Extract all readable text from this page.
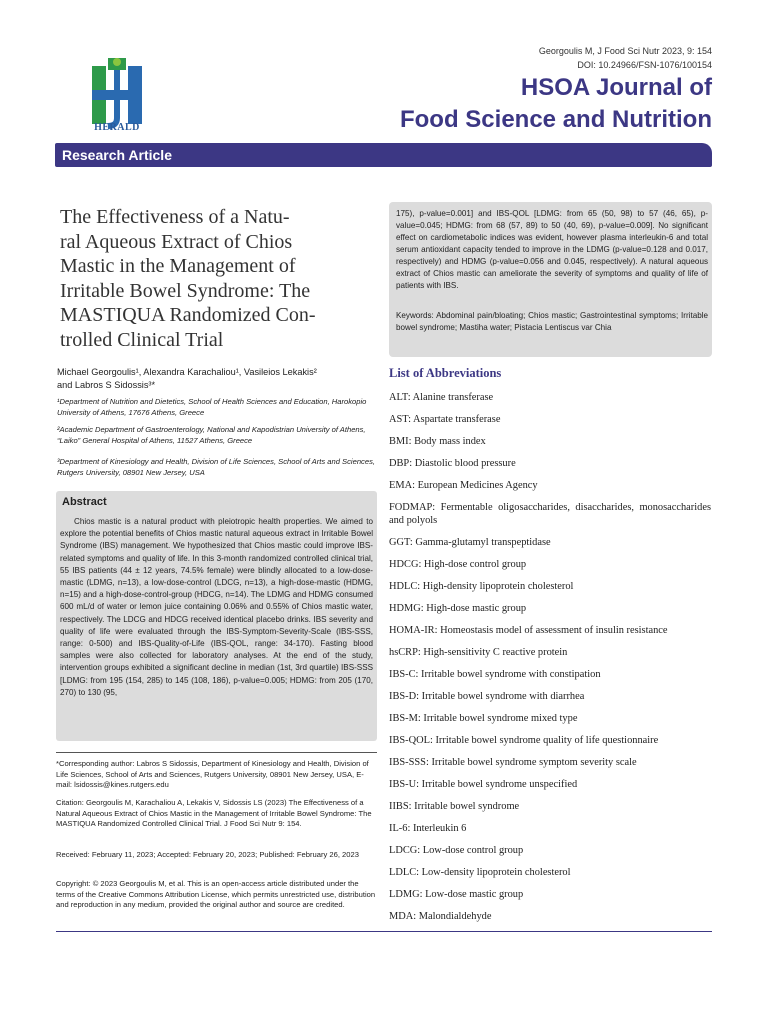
HERALD
Georgoulis M, J Food Sci Nutr 2023, 9: 154
DOI: 10.24966/FSN-1076/100154
HSOA Journal of
Food Science and Nutrition
Research Article
The Effectiveness of a Natu-
ral Aqueous Extract of Chios
Mastic in the Management of
Irritable Bowel Syndrome: The
MASTIQUA Randomized Con-
trolled Clinical Trial
Michael Georgoulis¹, Alexandra Karachaliou¹, Vasileios Lekakis²
and Labros S Sidossis³*
¹Department of Nutrition and Dietetics, School of Health Sciences and Education, Harokopio University of Athens, 17676 Athens, Greece
²Academic Department of Gastroenterology, National and Kapodistrian University of Athens, “Laiko” General Hospital of Athens, 11527 Athens, Greece
³Department of Kinesiology and Health, Division of Life Sciences, School of Arts and Sciences, Rutgers University, 08901 New Jersey, USA
Abstract
Chios mastic is a natural product with pleiotropic health properties. We aimed to explore the potential benefits of Chios mastic natural aqueous extract in Irritable Bowel Syndrome (IBS) management. We hypothesized that Chios mastic could improve IBS-related symptoms and quality of life. In this 3-month randomized controlled clinical trial, 55 IBS patients (44 ± 12 years, 74.5% female) were blindly allocated to a low-dose-mastic (LDMG, n=13), a low-dose-control (LDCG, n=13), a high-dose-mastic (HDMG, n=15) and a high-dose-control-group (HDCG, n=14). The LDMG and HDMG consumed 600 mL/d of water or lemon juice containing 0.06% and 0.55% of Chios mastic water, respectively. The LDCG and HDCG received identical placebo drinks. IBS severity and quality of life were evaluated through the IBS-Symptom-Severity-Scale (IBS-SSS, range: 0-500) and IBS-Quality-of-Life (IBS-QOL, range: 34-170). Fasting blood samples were also collected for laboratory analyses. At the end of the study, intervention groups exhibited a significant decline in median (1st, 3rd quartile) IBS-SSS [LDMG: from 195 (154, 285) to 145 (108, 186), p-value=0.005; HDMG: from 205 (170, 270) to 130 (95,
*Corresponding author: Labros S Sidossis, Department of Kinesiology and Health, Division of Life Sciences, School of Arts and Sciences, Rutgers University, 08901 New Jersey, USA, E-mail: lsidossis@kines.rutgers.edu
Citation: Georgoulis M, Karachaliou A, Lekakis V, Sidossis LS (2023) The Effectiveness of a Natural Aqueous Extract of Chios Mastic in the Management of Irritable Bowel Syndrome: The MASTIQUA Randomized Controlled Clinical Trial. J Food Sci Nutr 9: 154.
Received: February 11, 2023; Accepted: February 20, 2023; Published: February 26, 2023
Copyright: © 2023 Georgoulis M, et al. This is an open-access article distributed under the terms of the Creative Commons Attribution License, which permits unrestricted use, distribution and reproduction in any medium, provided the original author and source are credited.
175), p-value=0.001] and IBS-QOL [LDMG: from 65 (50, 98) to 57 (46, 65), p-value=0.045; HDMG: from 68 (57, 89) to 50 (40, 69), p-value=0.009]. No significant effect on cardiometabolic indices was evident, however plasma interleukin-6 and total serum antioxidant capacity tended to improve in the LDMG (p-value=0.128 and 0.017, respectively) and HDMG (p-value=0.056 and 0.045, respectively). A natural aqueous extract of Chios mastic can ameliorate the severity of symptoms and quality of life of patients with IBS.
Keywords: Abdominal pain/bloating; Chios mastic; Gastrointestinal symptoms; Irritable bowel syndrome; Mastiha water; Pistacia Lentiscus var Chia
List of Abbreviations
ALT: Alanine transferase
AST: Aspartate transferase
BMI: Body mass index
DBP: Diastolic blood pressure
EMA: European Medicines Agency
FODMAP: Fermentable oligosaccharides, disaccharides, monosaccharides and polyols
GGT: Gamma-glutamyl transpeptidase
HDCG: High-dose control group
HDLC: High-density lipoprotein cholesterol
HDMG: High-dose mastic group
HOMA-IR: Homeostasis model of assessment of insulin resistance
hsCRP: High-sensitivity C reactive protein
IBS-C: Irritable bowel syndrome with constipation
IBS-D: Irritable bowel syndrome with diarrhea
IBS-M: Irritable bowel syndrome mixed type
IBS-QOL: Irritable bowel syndrome quality of life questionnaire
IBS-SSS: Irritable bowel syndrome symptom severity scale
IBS-U: Irritable bowel syndrome unspecified
IIBS: Irritable bowel syndrome
IL-6: Interleukin 6
LDCG: Low-dose control group
LDLC: Low-density lipoprotein cholesterol
LDMG: Low-dose mastic group
MDA: Malondialdehyde
